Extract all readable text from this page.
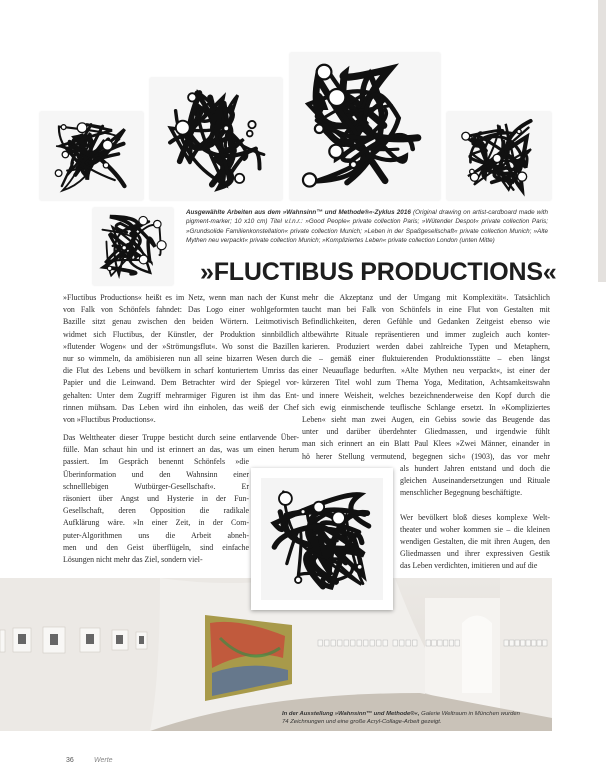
Ausgewählte Arbeiten aus dem »Wahnsinn™ und Methode®«-Zyklus 2016 (Original drawing on artist-cardboard made with pigment-marker; 10 x10 cm) Titel v.l.n.r.: »Good People« private collection Paris; »Wütender Despot« private collection Paris; »Grundsolide Familienkonstellation« private collection Munich; »Leben in der Spaßgesellschaft« private collection Munich; »Alte Mythen neu verpackt« private collection Munich; »Kompliziertes Leben« private collection London (unten Mitte)
»FLUCTIBUS PRODUCTIONS«
»Fluctibus Productions« heißt es im Netz, wenn man nach der Kunst
von Falk von Schönfels fahndet: Das Logo einer wohlgeformten
Bazille sitzt genau zwischen den beiden Wörtern. Leitmotivisch
widmet sich Fluctibus, der Künstler, der Produktion sinnbildlich
»flutender Wogen« und der »Strömungsflut«. Wo sonst die Bazillen
nur so wimmeln, da amöbisieren nun all seine bizarren Wesen durch
die Flut des Lebens und bevölkern in scharf konturiertem Umriss das
Papier und die Leinwand. Dem Betrachter wird der Spiegel vor-
gehalten: Unter dem Zugriff mehrarmiger Figuren ist ihm das Ent-
rinnen mühsam. Das Leben wird ihn einholen, das weiß der Chef
von »Fluctibus Productions«.
Das Welttheater dieser Truppe besticht durch seine entlarvende Über-
fülle. Man schaut hin und ist erinnert an das, was um einen herum
passiert. Im Gespräch benennt Schönfels »die
Überinformation und den Wahnsinn einer
schnelllebigen Wutbürger-Gesellschaft«. Er
räsoniert über Angst und Hysterie in der Fun-
Gesellschaft, deren Opposition die radikale
Aufklärung wäre. »In einer Zeit, in der Com-
puter-Algorithmen uns die Arbeit abneh-
men und den Geist überflügeln, sind einfache
Lösungen nicht mehr das Ziel, sondern viel-
mehr die Akzeptanz und der Umgang mit Komplexität«. Tatsächlich
taucht man bei Falk von Schönfels in eine Flut von Gestalten mit
Befindlichkeiten, deren Gefühle und Gedanken Zeitgeist ebenso wie
altbewährte Rituale repräsentieren und immer zugleich auch konter-
karieren. Produziert werden dabei zahlreiche Typen und Metaphern,
die – gemäß einer fluktuierenden Produktionsstätte – eben längst
einer Neuauflage bedurften. »Alte Mythen neu verpackt«, ist einer der
kürzeren Titel wohl zum Thema Yoga, Meditation, Achtsamkeitswahn
und innere Weisheit, welches bezeichnenderweise den Kopf durch die
sich ewig einmischende teuflische Schlange ersetzt. In »Kompliziertes
Leben« sieht man zwei Augen, ein Gebiss sowie das Beugende das
unter und darüber überdehnter Gliedmassen, und irgendwie fühlt
man sich erinnert an ein Blatt Paul Klees »Zwei Männer, einander in
hö herer Stellung vermutend, begegnen sich« (1903), das vor mehr
als hundert Jahren entstand und doch die
gleichen Auseinandersetzungen und Rituale
menschlicher Begegnung beschäftigte.
Wer bevölkert bloß dieses komplexe Welt-
theater und woher kommen sie – die kleinen
wendigen Gestalten, die mit ihren Augen, den
Gliedmassen und ihrer expressiven Gestik
das Leben verdichten, imitieren und auf die
In der Ausstellung »Wahnsinn™ und Methode®«, Galerie Weltraum in München wurden 74 Zeichnungen und eine große Acryl-Collage-Arbeit gezeigt.
36	Werte
